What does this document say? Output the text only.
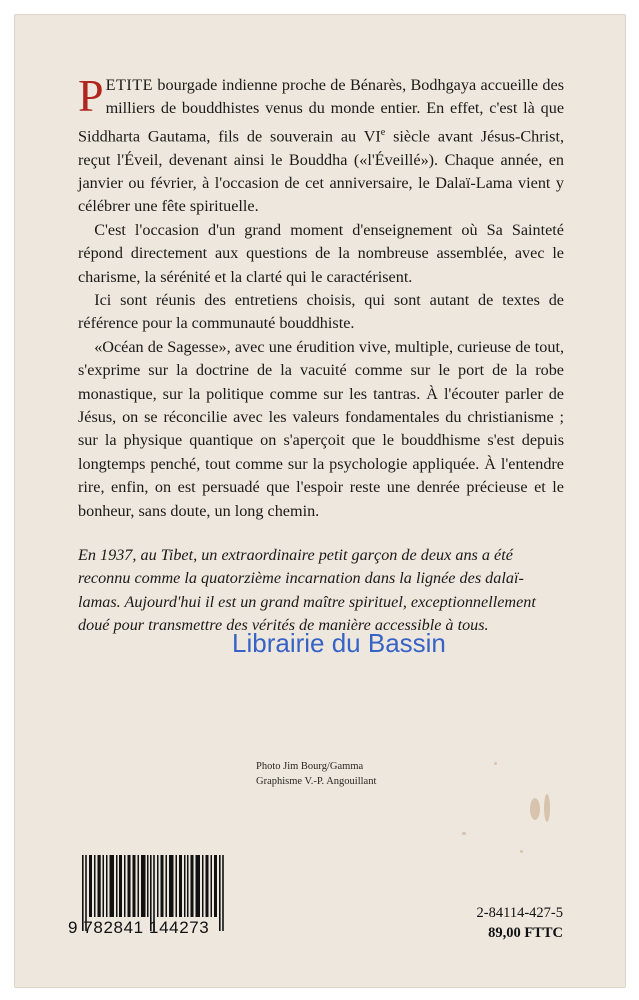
PETITE bourgade indienne proche de Bénarès, Bodhgaya accueille des milliers de bouddhistes venus du monde entier. En effet, c'est là que Siddharta Gautama, fils de souverain au VIe siècle avant Jésus-Christ, reçut l'Éveil, devenant ainsi le Bouddha («l'Éveillé»). Chaque année, en janvier ou février, à l'occasion de cet anniversaire, le Dalaï-Lama vient y célébrer une fête spirituelle.

C'est l'occasion d'un grand moment d'enseignement où Sa Sainteté répond directement aux questions de la nombreuse assemblée, avec le charisme, la sérénité et la clarté qui le caractérisent.

Ici sont réunis des entretiens choisis, qui sont autant de textes de référence pour la communauté bouddhiste.

«Océan de Sagesse», avec une érudition vive, multiple, curieuse de tout, s'exprime sur la doctrine de la vacuité comme sur le port de la robe monastique, sur la politique comme sur les tantras. À l'écouter parler de Jésus, on se réconcilie avec les valeurs fondamentales du christianisme ; sur la physique quantique on s'aperçoit que le bouddhisme s'est depuis longtemps penché, tout comme sur la psychologie appliquée. À l'entendre rire, enfin, on est persuadé que l'espoir reste une denrée précieuse et le bonheur, sans doute, un long chemin.

En 1937, au Tibet, un extraordinaire petit garçon de deux ans a été reconnu comme la quatorzième incarnation dans la lignée des dalaï-lamas. Aujourd'hui il est un grand maître spirituel, exceptionnellement doué pour transmettre des vérités de manière accessible à tous.

Librairie du Bassin
Photo Jim Bourg/Gamma
Graphisme V.-P. Angouillant
9 782841 144273
2-84114-427-5
89,00 FTTC
